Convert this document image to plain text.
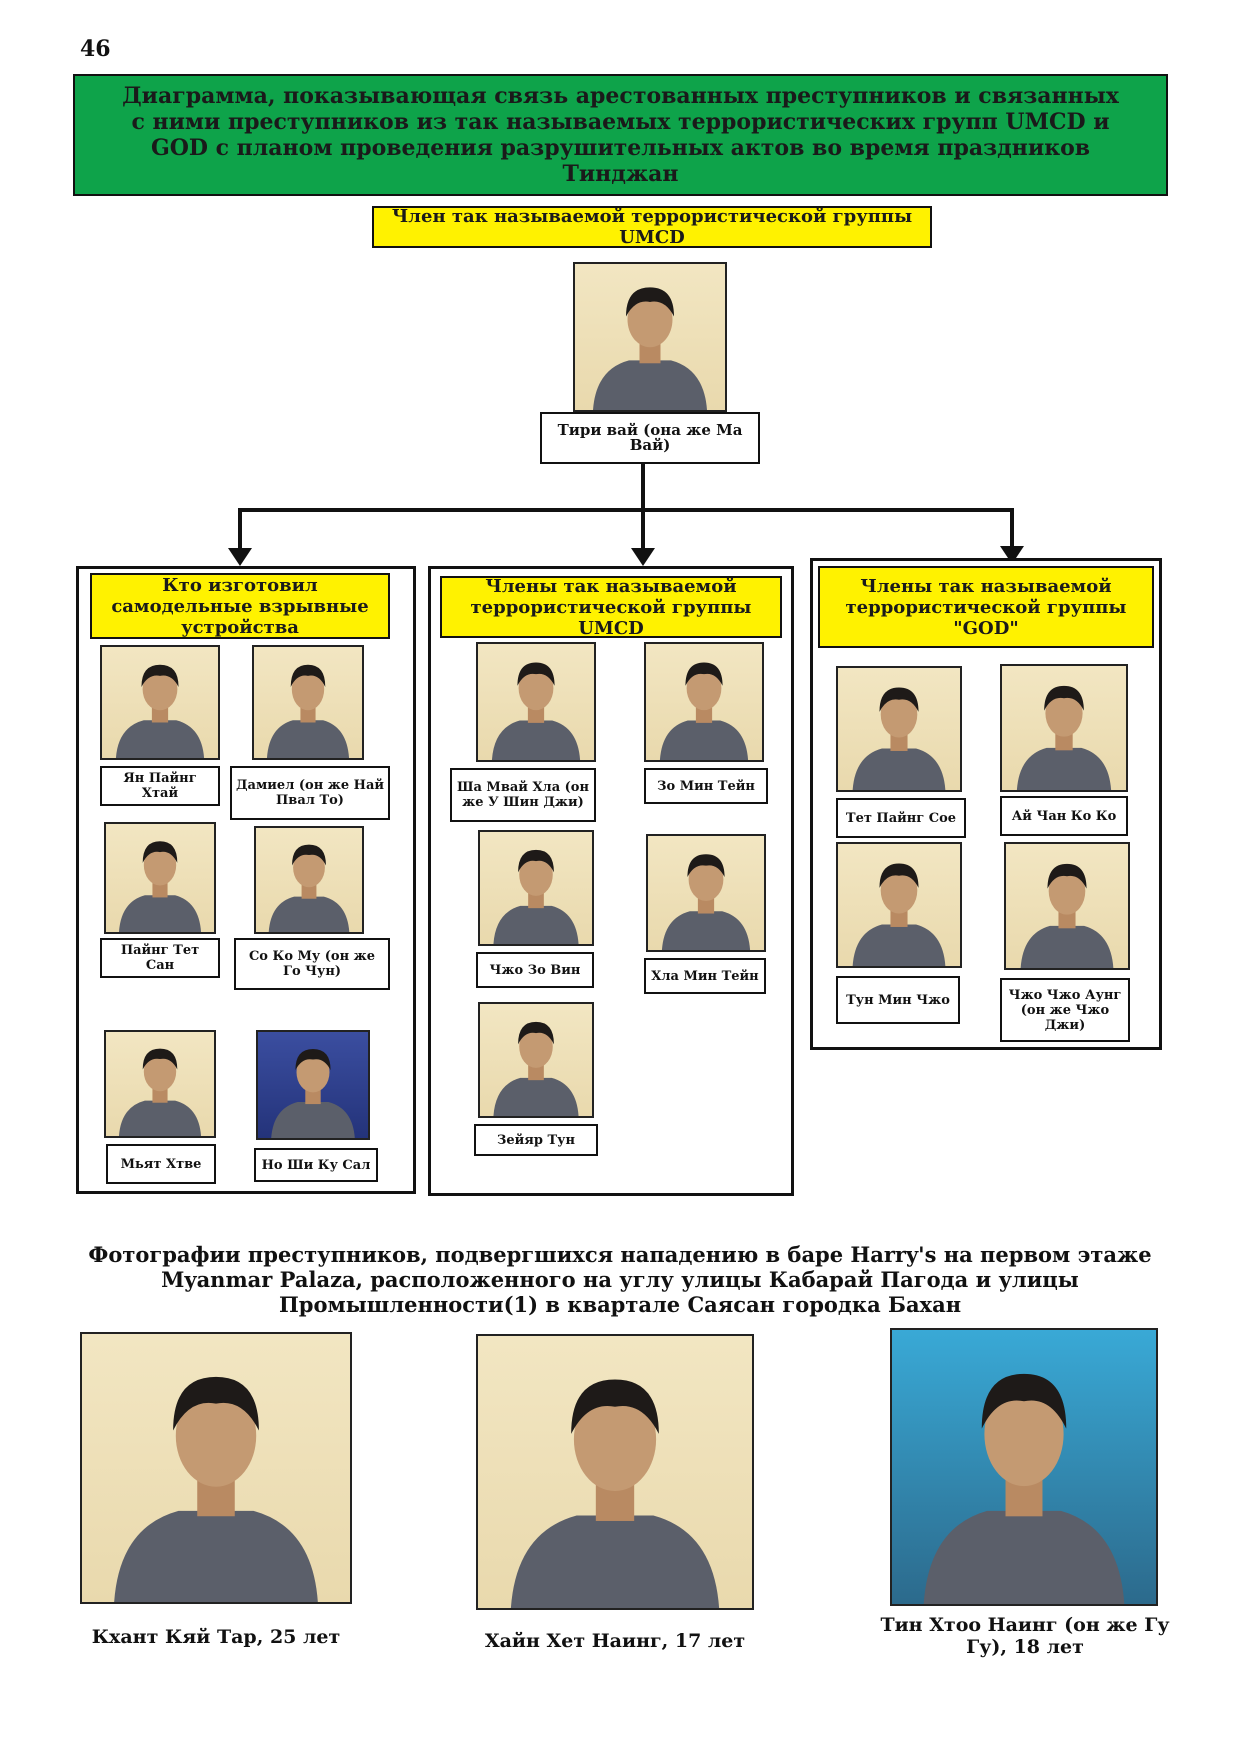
46
Диаграмма, показывающая связь арестованных преступников и связанных с ними преступников из так называемых террористических групп UMCD и GOD с планом проведения разрушительных актов во время праздников Тинджан
Член так называемой террористической группы UMCD
Тири вай (она же Ма Вай)
Кто изготовил самодельные взрывные устройства
Ян Пайнг Хтай
Дамиел (он же Най Пвал То)
Пайнг Тет Сан
Со Ко Му (он же Го Чун)
Мьят Хтве	Но Ши Ку Сал
Члены так называемой террористической группы UMCD
Ша Мвай Хла (он же У Шин Джи)
Зо Мин Тейн
Чжо Зо Вин	Хла Мин Тейн
Зейяр Тун
Члены так называемой террористической группы "GOD"
Тет Пайнг Сое	Ай Чан Ко Ко
Тун Мин Чжо	Чжо Чжо Аунг (он же Чжо Джи)
Фотографии преступников, подвергшихся нападению в баре Harry's на первом этаже Myanmar Palaza, расположенного на углу улицы Кабарай Пагода и улицы Промышленности(1) в квартале Саясан городка Бахан
Кхант Кяй Тар, 25 лет	Хайн Хет Наинг, 17 лет
Тин Хтоо Наинг (он же Гу Гу), 18 лет
